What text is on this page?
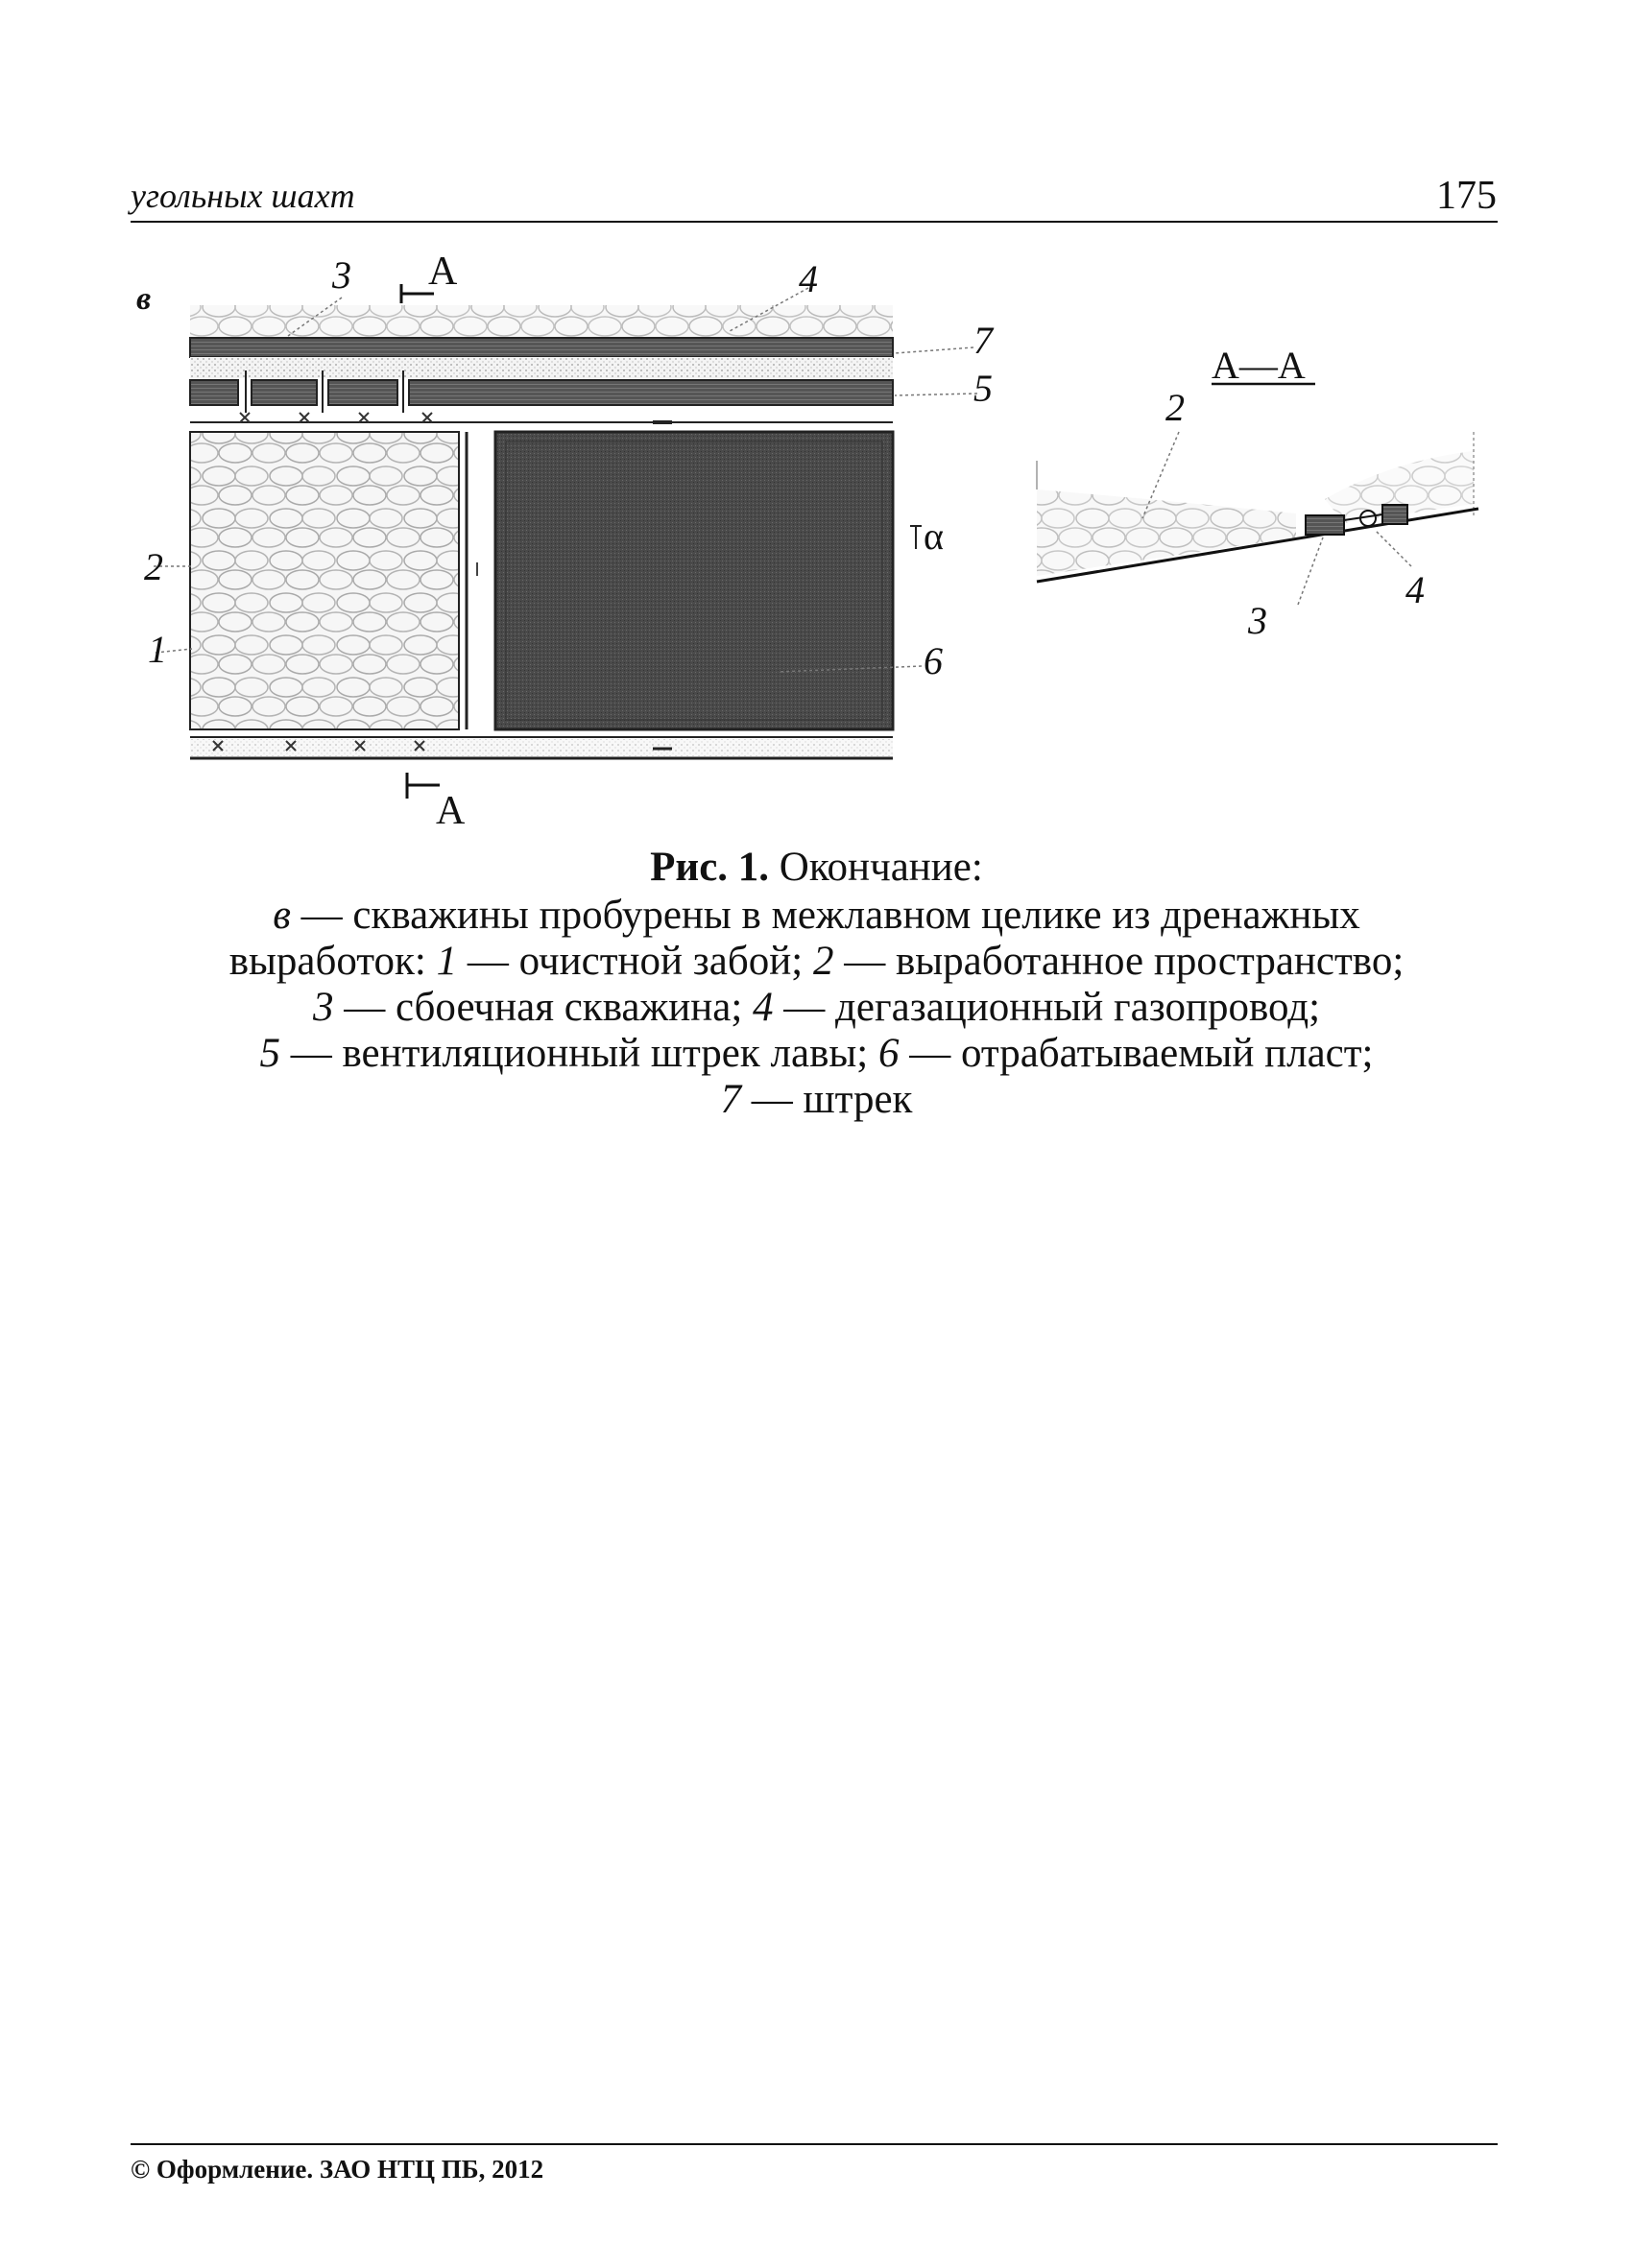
угольных шахт	175
в
3 А	4
7
5
2
1
α
6
А
А—А
2
3
4
Рис. 1. Окончание:
в — скважины пробурены в межлавном целике из дренажных
выработок: 1 — очистной забой; 2 — выработанное пространство;
3 — сбоечная скважина; 4 — дегазационный газопровод;
5 — вентиляционный штрек лавы; 6 — отрабатываемый пласт;
7 — штрек
© Оформление. ЗАО НТЦ ПБ, 2012
